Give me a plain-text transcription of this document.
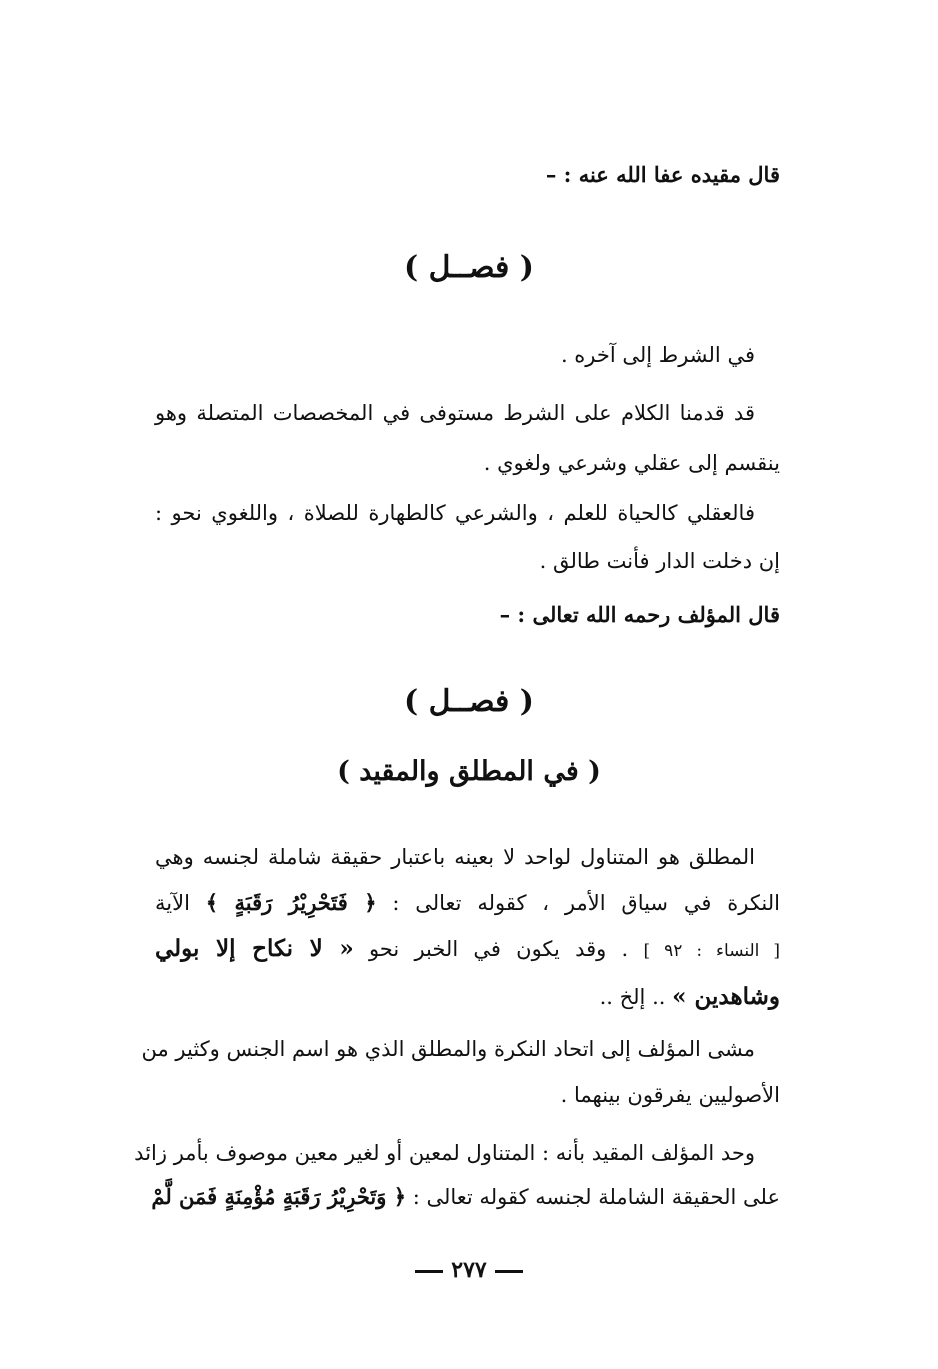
قال مقيده عفا الله عنه : –
( فصــل )
في الشرط إلى آخره .
قد قدمنا الكلام على الشرط مستوفى في المخصصات المتصلة وهو
ينقسم إلى عقلي وشرعي ولغوي .
فالعقلي كالحياة للعلم ، والشرعي كالطهارة للصلاة ، واللغوي نحو :
إن دخلت الدار فأنت طالق .
قال المؤلف رحمه الله تعالى : –
( فصــل )
( في المطلق والمقيد )
المطلق هو المتناول لواحد لا بعينه باعتبار حقيقة شاملة لجنسه وهي
النكرة في سياق الأمر ، كقوله تعالى : ﴿ فَتَحْرِيْرُ رَقَبَةٍ ﴾ الآية
[ النساء : ٩٢ ] . وقد يكون في الخبر نحو « لا نكاح إلا بولي
وشاهدين » .. إلخ ..
مشى المؤلف إلى اتحاد النكرة والمطلق الذي هو اسم الجنس وكثير من
الأصوليين يفرقون بينهما .
وحد المؤلف المقيد بأنه : المتناول لمعين أو لغير معين موصوف بأمر زائد
على الحقيقة الشاملة لجنسه كقوله تعالى : ﴿ وَتَحْرِيْرُ رَقَبَةٍ مُؤْمِنَةٍ فَمَن لَّمْ
٢٧٧
